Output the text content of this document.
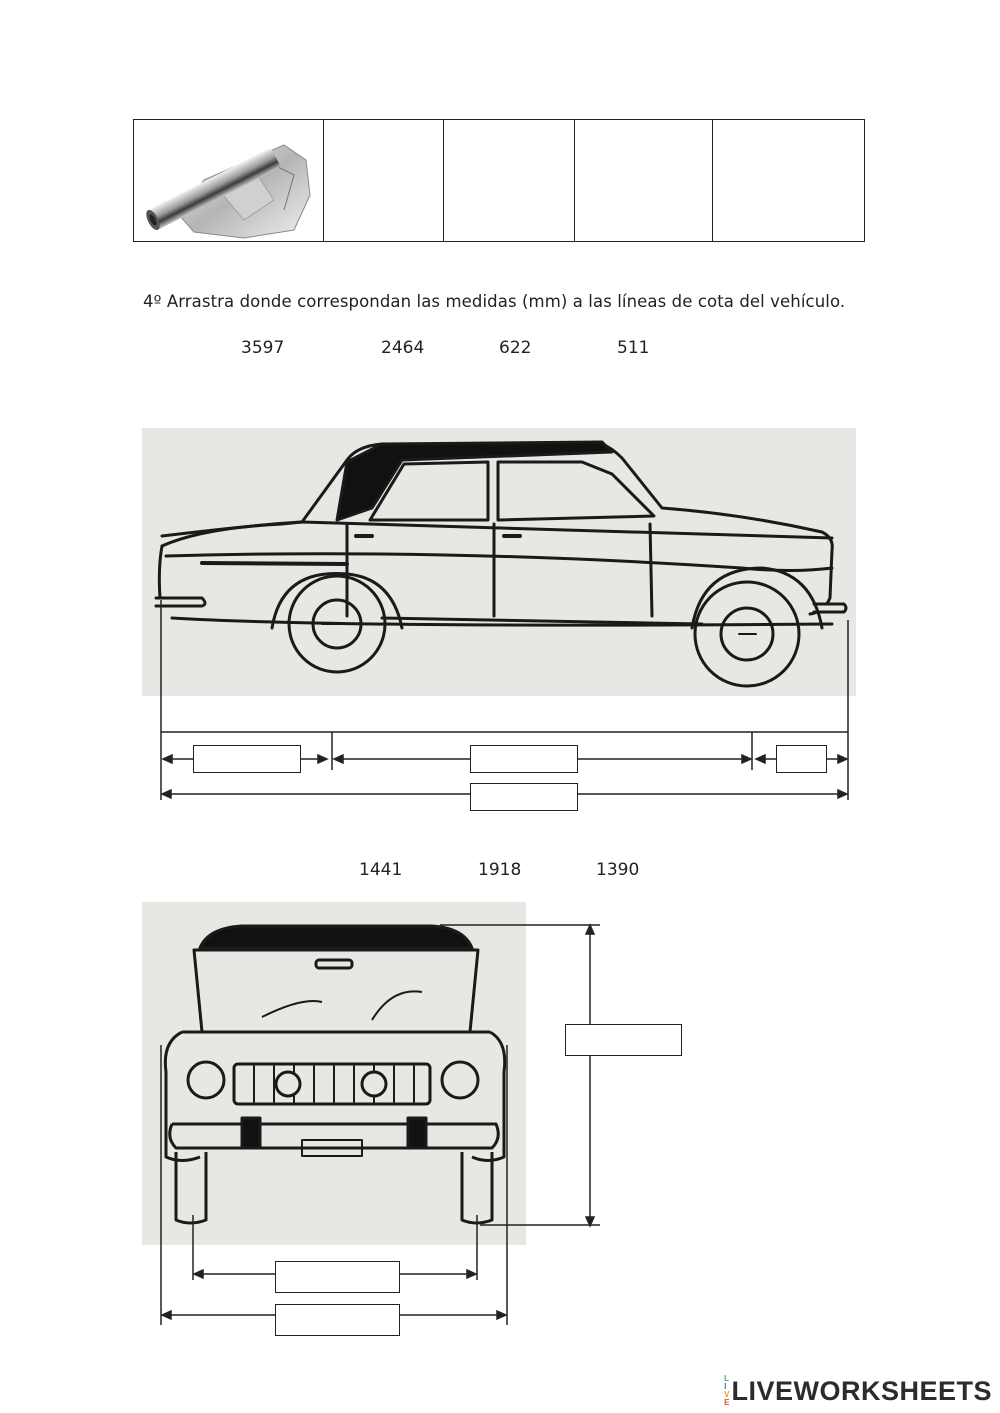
4º Arrastra donde correspondan las medidas (mm) a las líneas de cota del vehículo.
3597	2464	622	511
1441	1918	1390
L
I
V
E LIVEWORKSHEETS
